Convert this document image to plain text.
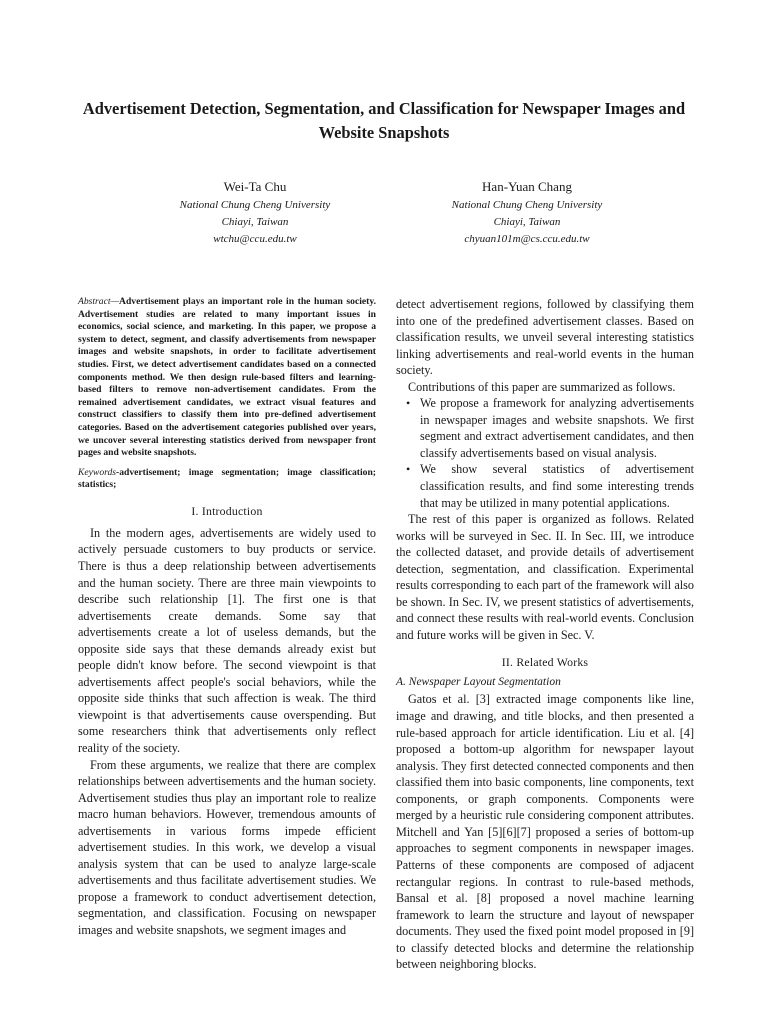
Advertisement Detection, Segmentation, and Classification for Newspaper Images and Website Snapshots
Wei-Ta Chu
National Chung Cheng University
Chiayi, Taiwan
wtchu@ccu.edu.tw
Han-Yuan Chang
National Chung Cheng University
Chiayi, Taiwan
chyuan101m@cs.ccu.edu.tw
Abstract—Advertisement plays an important role in the human society. Advertisement studies are related to many important issues in economics, social science, and marketing. In this paper, we propose a system to detect, segment, and classify advertisements from newspaper images and website snapshots, in order to facilitate advertisement studies. First, we detect advertisement candidates based on a connected components method. We then design rule-based filters and learning-based filters to remove non-advertisement candidates. From the remained advertisement candidates, we extract visual features and construct classifiers to classify them into pre-defined advertisement categories. Based on the advertisement categories published over years, we uncover several interesting statistics derived from newspaper front pages and website snapshots.
Keywords-advertisement; image segmentation; image classification; statistics;
I. Introduction

In the modern ages, advertisements are widely used to actively persuade customers to buy products or service. There is thus a deep relationship between advertisements and the human society. There are three main viewpoints to describe such relationship [1]. The first one is that advertisements create demands. Some say that advertisements create a lot of useless demands, but the opposite side says that these demands already exist but people didn't know before. The second viewpoint is that advertisements affect people's social behaviors, while the opposite side thinks that such affection is weak. The third viewpoint is that advertisements cause overspending. But some researchers think that advertisements only reflect reality of the society.

From these arguments, we realize that there are complex relationships between advertisements and the human society. Advertisement studies thus play an important role to realize macro human behaviors. However, tremendous amounts of advertisements in various forms impede efficient advertisement studies. In this work, we develop a visual analysis system that can be used to analyze large-scale advertisements and thus facilitate advertisement studies. We propose a framework to conduct advertisement detection, segmentation, and classification. Focusing on newspaper images and website snapshots, we segment images and

detect advertisement regions, followed by classifying them into one of the predefined advertisement classes. Based on classification results, we unveil several interesting statistics linking advertisements and real-world events in the human society.

Contributions of this paper are summarized as follows.

• We propose a framework for analyzing advertisements in newspaper images and website snapshots. We first segment and extract advertisement candidates, and then classify advertisements based on visual analysis.
• We show several statistics of advertisement classification results, and find some interesting trends that may be utilized in many potential applications.

The rest of this paper is organized as follows. Related works will be surveyed in Sec. II. In Sec. III, we introduce the collected dataset, and provide details of advertisement detection, segmentation, and classification. Experimental results corresponding to each part of the framework will also be shown. In Sec. IV, we present statistics of advertisements, and connect these results with real-world events. Conclusion and future works will be given in Sec. V.

II. Related Works
A. Newspaper Layout Segmentation

Gatos et al. [3] extracted image components like line, image and drawing, and title blocks, and then presented a rule-based approach for article identification. Liu et al. [4] proposed a bottom-up algorithm for newspaper layout analysis. They first detected connected components and then classified them into basic components, line components, text components, or graph components. Components were merged by a heuristic rule considering component attributes. Mitchell and Yan [5][6][7] proposed a series of bottom-up approaches to segment components in newspaper images. Patterns of these components are composed of adjacent rectangular regions. In contrast to rule-based methods, Bansal et al. [8] proposed a novel machine learning framework to learn the structure and layout of newspaper documents. They used the fixed point model proposed in [9] to classify detected blocks and determine the relationship between neighboring blocks.
